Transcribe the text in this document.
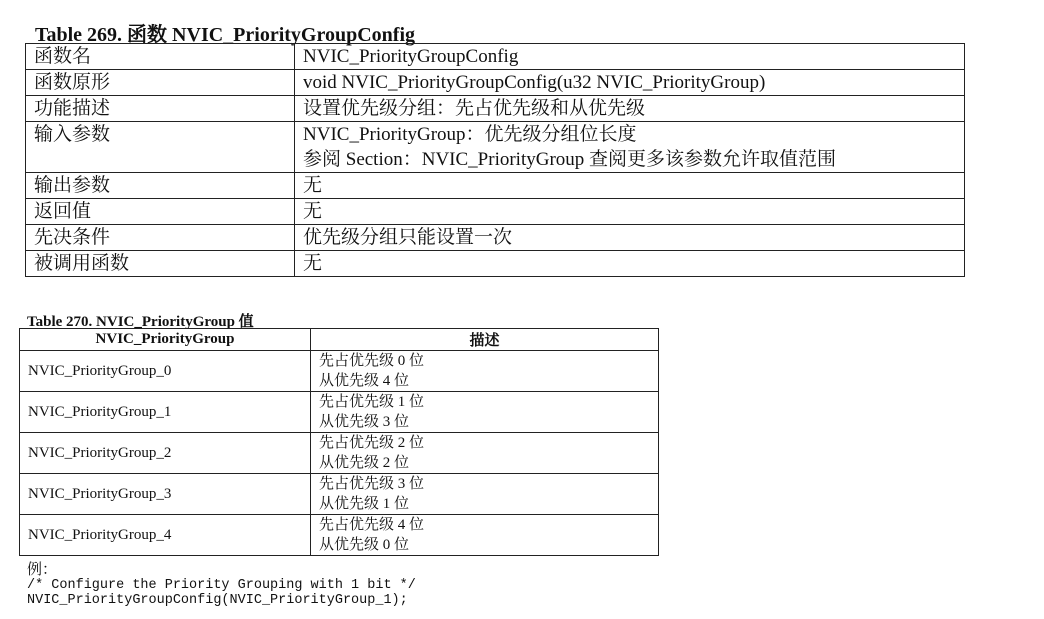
Table 269. 函数 NVIC_PriorityGroupConfig
函数名	NVIC_PriorityGroupConfig

函数原形	void NVIC_PriorityGroupConfig(u32 NVIC_PriorityGroup)

功能描述	设置优先级分组：先占优先级和从优先级

输入参数	NVIC_PriorityGroup：优先级分组位长度
参阅 Section：NVIC_PriorityGroup 查阅更多该参数允许取值范围

输出参数	无

返回值	无

先决条件	优先级分组只能设置一次

被调用函数	无
Table 270. NVIC_PriorityGroup 值
NVIC_PriorityGroup	描述
NVIC_PriorityGroup_0	先占优先级 0 位
从优先级 4 位

NVIC_PriorityGroup_1	先占优先级 1 位
从优先级 3 位

NVIC_PriorityGroup_2	先占优先级 2 位
从优先级 2 位

NVIC_PriorityGroup_3	先占优先级 3 位
从优先级 1 位

NVIC_PriorityGroup_4	先占优先级 4 位
从优先级 0 位
例：
/* Configure the Priority Grouping with 1 bit */
NVIC_PriorityGroupConfig(NVIC_PriorityGroup_1);
